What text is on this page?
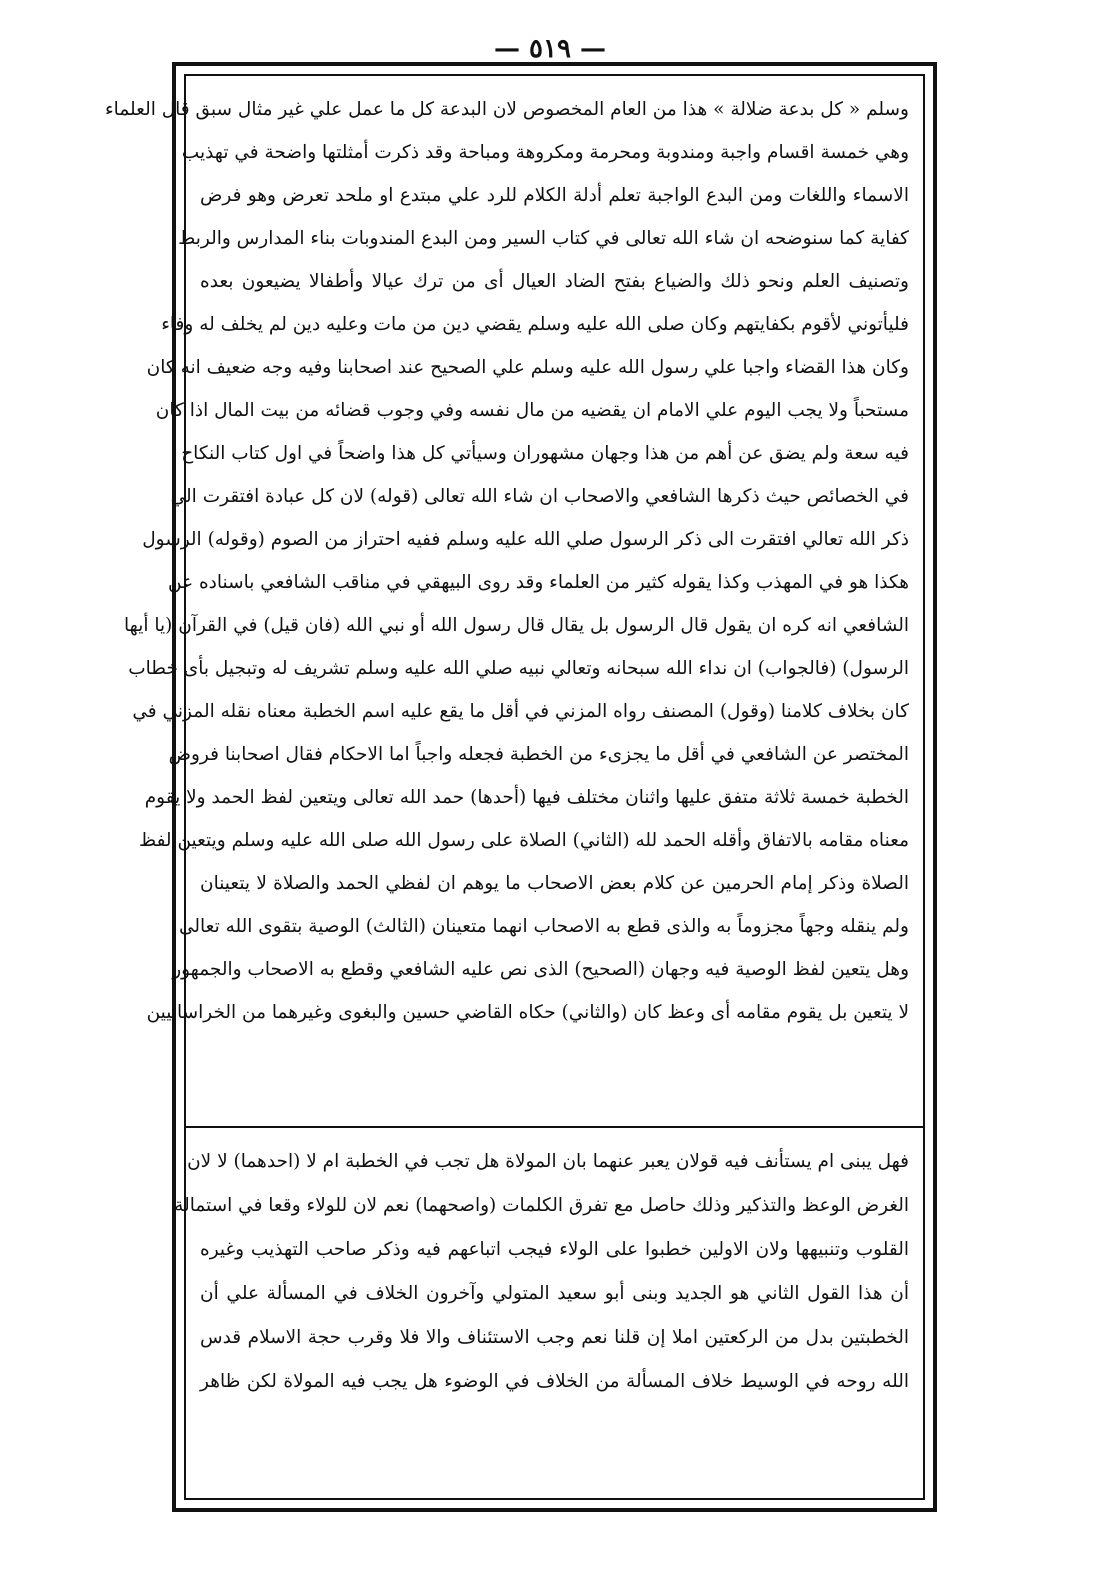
— ٥١٩ —

وسلم « كل بدعة ضلالة » هذا من العام المخصوص لان البدعة كل ما عمل علي غير مثال سبق قال العلماء

وهي خمسة اقسام واجبة ومندوبة ومحرمة ومكروهة ومباحة وقد ذكرت أمثلتها واضحة في تهذيب

الاسماء واللغات ومن البدع الواجبة تعلم أدلة الكلام للرد علي مبتدع او ملحد تعرض وهو فرض

كفاية كما سنوضحه ان شاء الله تعالى في كتاب السير ومن البدع المندوبات بناء المدارس والربط

وتصنيف العلم ونحو ذلك والضياع بفتح الضاد العيال أى من ترك عيالا وأطفالا يضيعون بعده

فليأتوني لأقوم بكفايتهم وكان صلى الله عليه وسلم يقضي دين من مات وعليه دين لم يخلف له وفاء

وكان هذا القضاء واجبا علي رسول الله عليه وسلم علي الصحيح عند اصحابنا وفيه وجه ضعيف انه كان

مستحباً ولا يجب اليوم علي الامام ان يقضيه من مال نفسه وفي وجوب قضائه من بيت المال اذا كان

فيه سعة ولم يضق عن أهم من هذا وجهان مشهوران وسيأتي كل هذا واضحاً في اول كتاب النكاح

في الخصائص حيث ذكرها الشافعي والاصحاب ان شاء الله تعالى (قوله) لان كل عبادة افتقرت الي

ذكر الله تعالي افتقرت الى ذكر الرسول صلي الله عليه وسلم ففيه احتراز من الصوم (وقوله) الرسول

هكذا هو في المهذب وكذا يقوله كثير من العلماء وقد روى البيهقي في مناقب الشافعي باسناده عن

الشافعي انه كره ان يقول قال الرسول بل يقال قال رسول الله أو نبي الله (فان قيل) في القرآن (يا أيها

الرسول) (فالجواب) ان نداء الله سبحانه وتعالي نبيه صلي الله عليه وسلم تشريف له وتبجيل بأى خطاب

كان بخلاف كلامنا (وقول) المصنف رواه المزني في أقل ما يقع عليه اسم الخطبة معناه نقله المزني في

المختصر عن الشافعي في أقل ما يجزىء من الخطبة فجعله واجباً اما الاحكام فقال اصحابنا فروض

الخطبة خمسة ثلاثة متفق عليها واثنان مختلف فيها (أحدها) حمد الله تعالى ويتعين لفظ الحمد ولا يقوم

معناه مقامه بالاتفاق وأقله الحمد لله (الثاني) الصلاة على رسول الله صلى الله عليه وسلم ويتعين لفظ

الصلاة وذكر إمام الحرمين عن كلام بعض الاصحاب ما يوهم ان لفظي الحمد والصلاة لا يتعينان

ولم ينقله وجهاً مجزوماً به والذى قطع به الاصحاب انهما متعينان (الثالث) الوصية بتقوى الله تعالى

وهل يتعين لفظ الوصية فيه وجهان (الصحيح) الذى نص عليه الشافعي وقطع به الاصحاب والجمهور

لا يتعين بل يقوم مقامه أى وعظ كان (والثاني) حكاه القاضي حسين والبغوى وغيرهما من الخراسانيين

فهل يبنى ام يستأنف فيه قولان يعبر عنهما بان المولاة هل تجب في الخطبة ام لا (احدهما) لا لان

الغرض الوعظ والتذكير وذلك حاصل مع تفرق الكلمات (واصحهما) نعم لان للولاء وقعا في استمالة

القلوب وتنبيهها ولان الاولين خطبوا على الولاء فيجب اتباعهم فيه وذكر صاحب التهذيب وغيره

أن هذا القول الثاني هو الجديد وبنى أبو سعيد المتولي وآخرون الخلاف في المسألة علي أن

الخطبتين بدل من الركعتين املا إن قلنا نعم وجب الاستئناف والا فلا وقرب حجة الاسلام قدس

الله روحه في الوسيط خلاف المسألة من الخلاف في الوضوء هل يجب فيه المولاة لكن ظاهر
